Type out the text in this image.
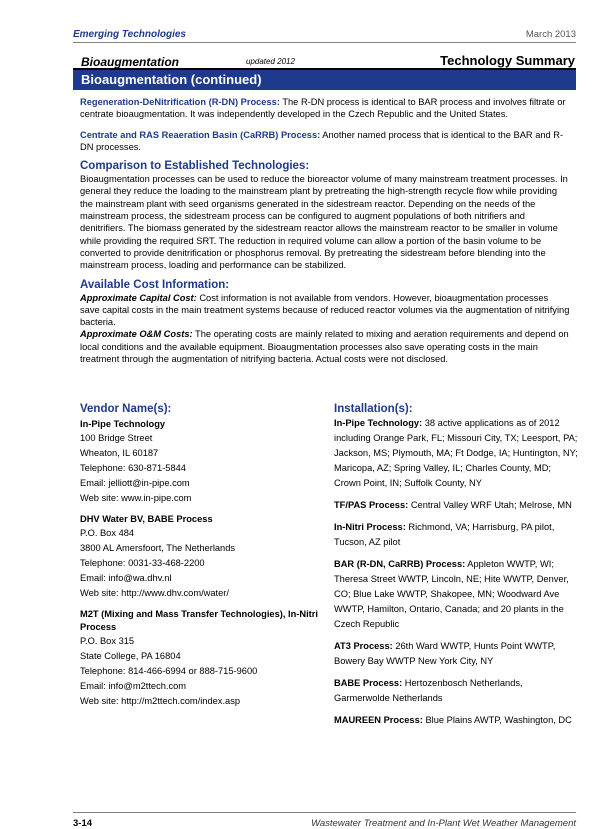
Emerging Technologies	March 2013
Bioaugmentation	updated 2012	Technology Summary
Bioaugmentation (continued)

Regeneration-DeNitrification (R-DN) Process: The R-DN process is identical to BAR process and involves filtrate or centrate bioaugmentation. It was independently developed in the Czech Republic and the United States.

Centrate and RAS Reaeration Basin (CaRRB) Process: Another named process that is identical to the BAR and R-DN processes.

Comparison to Established Technologies:

Bioaugmentation processes can be used to reduce the bioreactor volume of many mainstream treatment processes. In general they reduce the loading to the mainstream plant by pretreating the high-strength recycle flow while providing the mainstream plant with seed organisms generated in the sidestream reactor. Depending on the needs of the mainstream process, the sidestream process can be configured to augment populations of both nitrifiers and denitrifiers. The biomass generated by the sidestream reactor allows the mainstream reactor to be smaller in volume while providing the required SRT. The reduction in required volume can allow a portion of the basin volume to be converted to provide denitrification or phosphorus removal. By pretreating the sidestream before blending into the mainstream process, loading and performance can be stabilized.

Available Cost Information:

Approximate Capital Cost: Cost information is not available from vendors. However, bioaugmentation processes save capital costs in the main treatment systems because of reduced reactor volumes via the augmentation of nitrifying bacteria.

Approximate O&M Costs: The operating costs are mainly related to mixing and aeration requirements and depend on local conditions and the available equipment. Bioaugmentation processes also save operating costs in the main treatment through the augmentation of nitrifying bacteria. Actual costs were not disclosed.

Vendor Name(s):
In-Pipe Technology

100 Bridge Street

Wheaton, IL 60187

Telephone: 630-871-5844

Email: jelliott@in-pipe.com

Web site: www.in-pipe.com

DHV Water BV, BABE Process

P.O. Box 484

3800 AL Amersfoort, The Netherlands

Telephone: 0031-33-468-2200

Email: info@wa.dhv.nl

Web site: http://www.dhv.com/water/

M2T (Mixing and Mass Transfer Technologies), In-Nitri Process

P.O. Box 315

State College, PA 16804

Telephone: 814-466-6994 or 888-715-9600

Email: info@m2ttech.com

Web site: http://m2ttech.com/index.asp

Installation(s):

In-Pipe Technology: 38 active applications as of 2012 including Orange Park, FL; Missouri City, TX; Leesport, PA; Jackson, MS; Plymouth, MA; Ft Dodge, IA; Huntington, NY; Maricopa, AZ; Spring Valley, IL; Charles County, MD; Crown Point, IN; Suffolk County, NY

TF/PAS Process: Central Valley WRF Utah; Melrose, MN

In-Nitri Process: Richmond, VA; Harrisburg, PA pilot, Tucson, AZ pilot

BAR (R-DN, CaRRB) Process: Appleton WWTP, WI; Theresa Street WWTP, Lincoln, NE; Hite WWTP, Denver, CO; Blue Lake WWTP, Shakopee, MN; Woodward Ave WWTP, Hamilton, Ontario, Canada; and 20 plants in the Czech Republic

AT3 Process: 26th Ward WWTP, Hunts Point WWTP, Bowery Bay WWTP New York City, NY

BABE Process: Hertozenbosch Netherlands, Garmerwolde Netherlands

MAUREEN Process: Blue Plains AWTP, Washington, DC

3-14	Wastewater Treatment and In-Plant Wet Weather Management
